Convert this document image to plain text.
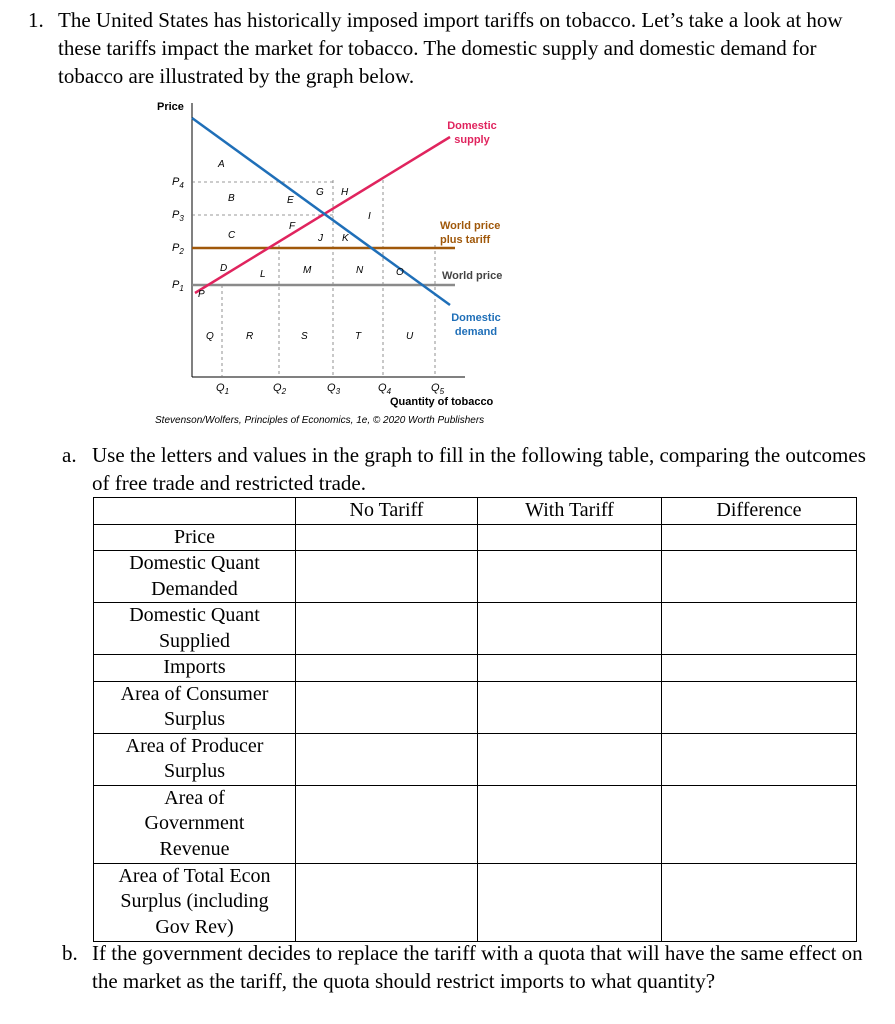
1. The United States has historically imposed import tariffs on tobacco. Let’s take a look at how these tariffs impact the market for tobacco. The domestic supply and domestic demand for tobacco are illustrated by the graph below.
Price
Domestic
supply
World price
plus tariff
World price
Domestic
demand
$P_4$
$P_3$
$P_2$
$P_1$
A
B	E
G H
C
F
J K
I
D
L	M	N	O
P
Q	R	S	T	U
$Q_1$	$Q_2$	$Q_3$	$Q_4$	$Q_5$
Quantity of tobacco
Stevenson/Wolfers, Principles of Economics, 1e, © 2020 Worth Publishers
a. Use the letters and values in the graph to fill in the following table, comparing the outcomes of free trade and restricted trade.
	No Tariff	With Tariff	Difference
Price			
Domestic Quant Demanded			
Domestic Quant Supplied			
Imports			
Area of Consumer Surplus			
Area of Producer Surplus			
Area of Government Revenue			
Area of Total Econ Surplus (including Gov Rev)			
b. If the government decides to replace the tariff with a quota that will have the same effect on the market as the tariff, the quota should restrict imports to what quantity?
